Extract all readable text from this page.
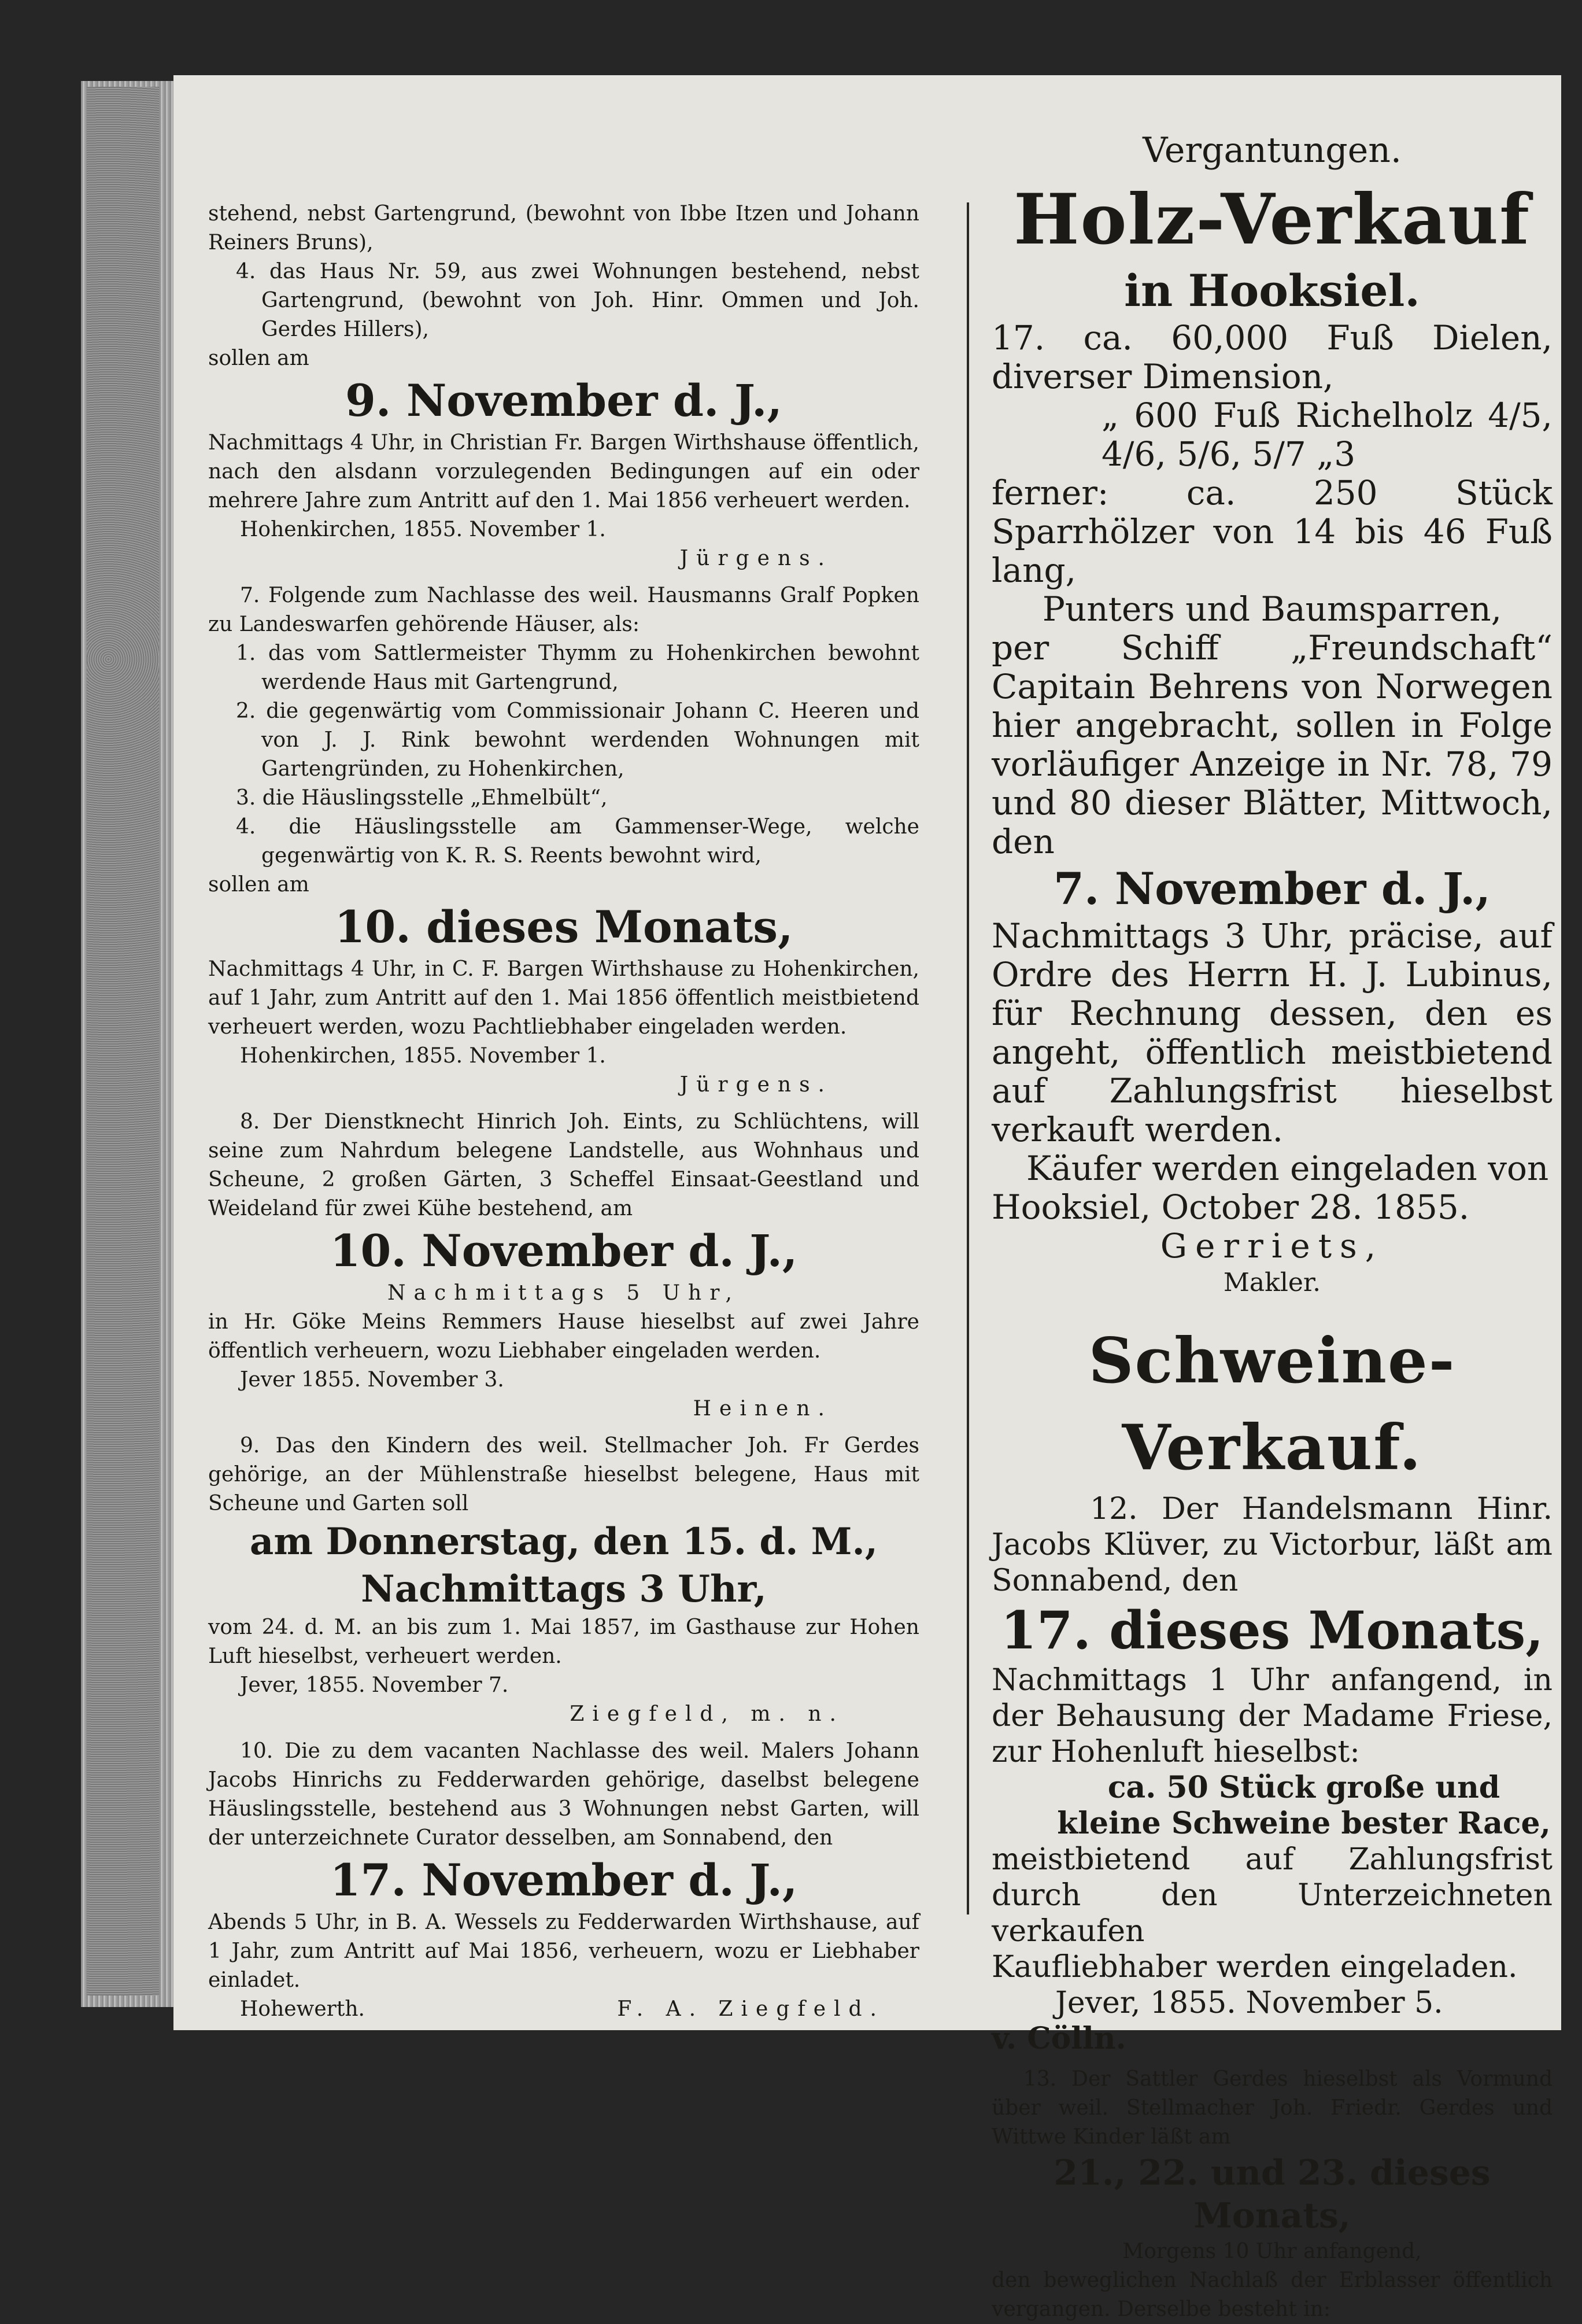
stehend, nebst Gartengrund, (bewohnt von Ibbe Itzen und Johann Reiners Bruns),

4. das Haus Nr. 59, aus zwei Wohnungen bestehend, nebst Gartengrund, (bewohnt von Joh. Hinr. Ommen und Joh. Gerdes Hillers),

sollen am

9. November d. J.,

Nachmittags 4 Uhr, in Christian Fr. Bargen Wirthshause öffentlich, nach den alsdann vorzulegenden Bedingungen auf ein oder mehrere Jahre zum Antritt auf den 1. Mai 1856 verheuert werden.

Hohenkirchen, 1855. November 1.

Jürgens.

7. Folgende zum Nachlasse des weil. Hausmanns Gralf Popken zu Landeswarfen gehörende Häuser, als:

1. das vom Sattlermeister Thymm zu Hohenkirchen bewohnt werdende Haus mit Gartengrund,

2. die gegenwärtig vom Commissionair Johann C. Heeren und von J. J. Rink bewohnt werdenden Wohnungen mit Gartengründen, zu Hohenkirchen,

3. die Häuslingsstelle „Ehmelbült“,

4. die Häuslingsstelle am Gammenser-Wege, welche gegenwärtig von K. R. S. Reents bewohnt wird,

sollen am

10. dieses Monats,

Nachmittags 4 Uhr, in C. F. Bargen Wirthshause zu Hohenkirchen, auf 1 Jahr, zum Antritt auf den 1. Mai 1856 öffentlich meistbietend verheuert werden, wozu Pachtliebhaber eingeladen werden.

Hohenkirchen, 1855. November 1.

Jürgens.

8. Der Dienstknecht Hinrich Joh. Eints, zu Schlüchtens, will seine zum Nahrdum belegene Landstelle, aus Wohnhaus und Scheune, 2 großen Gärten, 3 Scheffel Einsaat-Geestland und Weideland für zwei Kühe bestehend, am

10. November d. J.,

Nachmittags 5 Uhr,

in Hr. Göke Meins Remmers Hause hieselbst auf zwei Jahre öffentlich verheuern, wozu Liebhaber eingeladen werden.

Jever 1855. November 3.

Heinen.

9. Das den Kindern des weil. Stellmacher Joh. Fr Gerdes gehörige, an der Mühlenstraße hieselbst belegene, Haus mit Scheune und Garten soll

am Donnerstag, den 15. d. M.,

Nachmittags 3 Uhr,

vom 24. d. M. an bis zum 1. Mai 1857, im Gasthause zur Hohen Luft hieselbst, verheuert werden.

Jever, 1855. November 7.

Ziegfeld, m. n.

10. Die zu dem vacanten Nachlasse des weil. Malers Johann Jacobs Hinrichs zu Fedderwarden gehörige, daselbst belegene Häuslingsstelle, bestehend aus 3 Wohnungen nebst Garten, will der unterzeichnete Curator desselben, am Sonnabend, den

17. November d. J.,

Abends 5 Uhr, in B. A. Wessels zu Fedderwarden Wirthshause, auf 1 Jahr, zum Antritt auf Mai 1856, verheuern, wozu er Liebhaber einladet.

Hohewerth.	F. A. Ziegfeld.

Vergantungen.

Holz-Verkauf

in Hooksiel.

17. ca. 60,000 Fuß Dielen, diverser Dimension,

„ 600 Fuß Richelholz 4/5, 4/6, 5/6, 5/7 „3

ferner: ca. 250 Stück Sparrhölzer von 14 bis 46 Fuß lang,

Punters und Baumsparren,

per Schiff „Freundschaft“ Capitain Behrens von Norwegen hier angebracht, sollen in Folge vorläufiger Anzeige in Nr. 78, 79 und 80 dieser Blätter, Mittwoch, den

7. November d. J.,

Nachmittags 3 Uhr, präcise, auf Ordre des Herrn H. J. Lubinus, für Rechnung dessen, den es angeht, öffentlich meistbietend auf Zahlungsfrist hieselbst verkauft werden.

Käufer werden eingeladen von

Hooksiel, October 28. 1855.

Gerriets,

Makler.

Schweine-Verkauf.

12. Der Handelsmann Hinr. Jacobs Klüver, zu Victorbur, läßt am Sonnabend, den

17. dieses Monats,

Nachmittags 1 Uhr anfangend, in der Behausung der Madame Friese, zur Hohenluft hieselbst:

ca. 50 Stück große und kleine Schweine bester Race,

meistbietend auf Zahlungsfrist durch den Unterzeichneten verkaufen

Kaufliebhaber werden eingeladen.

Jever, 1855. November 5.

v. Cölln.

13. Der Sattler Gerdes hieselbst als Vormund über weil. Stellmacher Joh. Friedr. Gerdes und Wittwe Kinder läßt am

21., 22. und 23. dieses Monats,

Morgens 10 Uhr anfangend,

den beweglichen Nachlaß der Erblasser öffentlich vergangen. Derselbe besteht in:
